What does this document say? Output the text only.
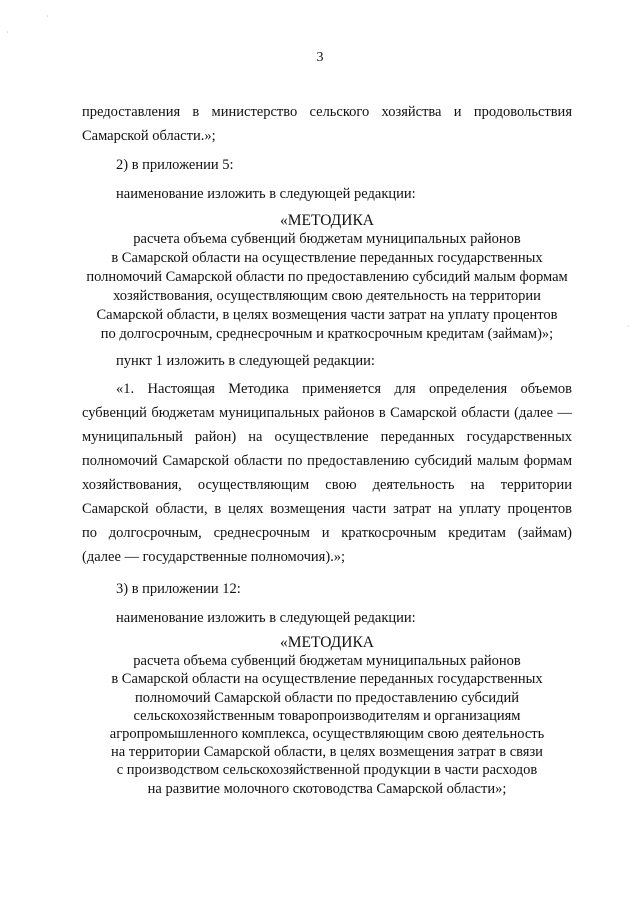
·
·
·
3

предоставления в министерство сельского хозяйства и продовольствия

Самарской области.»;

2) в приложении 5:

наименование изложить в следующей редакции:

«МЕТОДИКА
расчета объема субвенций бюджетам муниципальных районов
в Самарской области на осуществление переданных государственных
полномочий Самарской области по предоставлению субсидий малым формам
хозяйствования, осуществляющим свою деятельность на территории
Самарской области, в целях возмещения части затрат на уплату процентов
по долгосрочным, среднесрочным и краткосрочным кредитам (займам)»;

пункт 1 изложить в следующей редакции:

«1. Настоящая Методика применяется для определения объемов

субвенций бюджетам муниципальных районов в Самарской области (далее —

муниципальный район) на осуществление переданных государственных

полномочий Самарской области по предоставлению субсидий малым формам

хозяйствования, осуществляющим свою деятельность на территории

Самарской области, в целях возмещения части затрат на уплату процентов

по долгосрочным, среднесрочным и краткосрочным кредитам (займам)

(далее — государственные полномочия).»;

3) в приложении 12:

наименование изложить в следующей редакции:

«МЕТОДИКА
расчета объема субвенций бюджетам муниципальных районов
в Самарской области на осуществление переданных государственных
полномочий Самарской области по предоставлению субсидий
сельскохозяйственным товаропроизводителям и организациям
агропромышленного комплекса, осуществляющим свою деятельность
на территории Самарской области, в целях возмещения затрат в связи
с производством сельскохозяйственной продукции в части расходов
на развитие молочного скотоводства Самарской области»;
